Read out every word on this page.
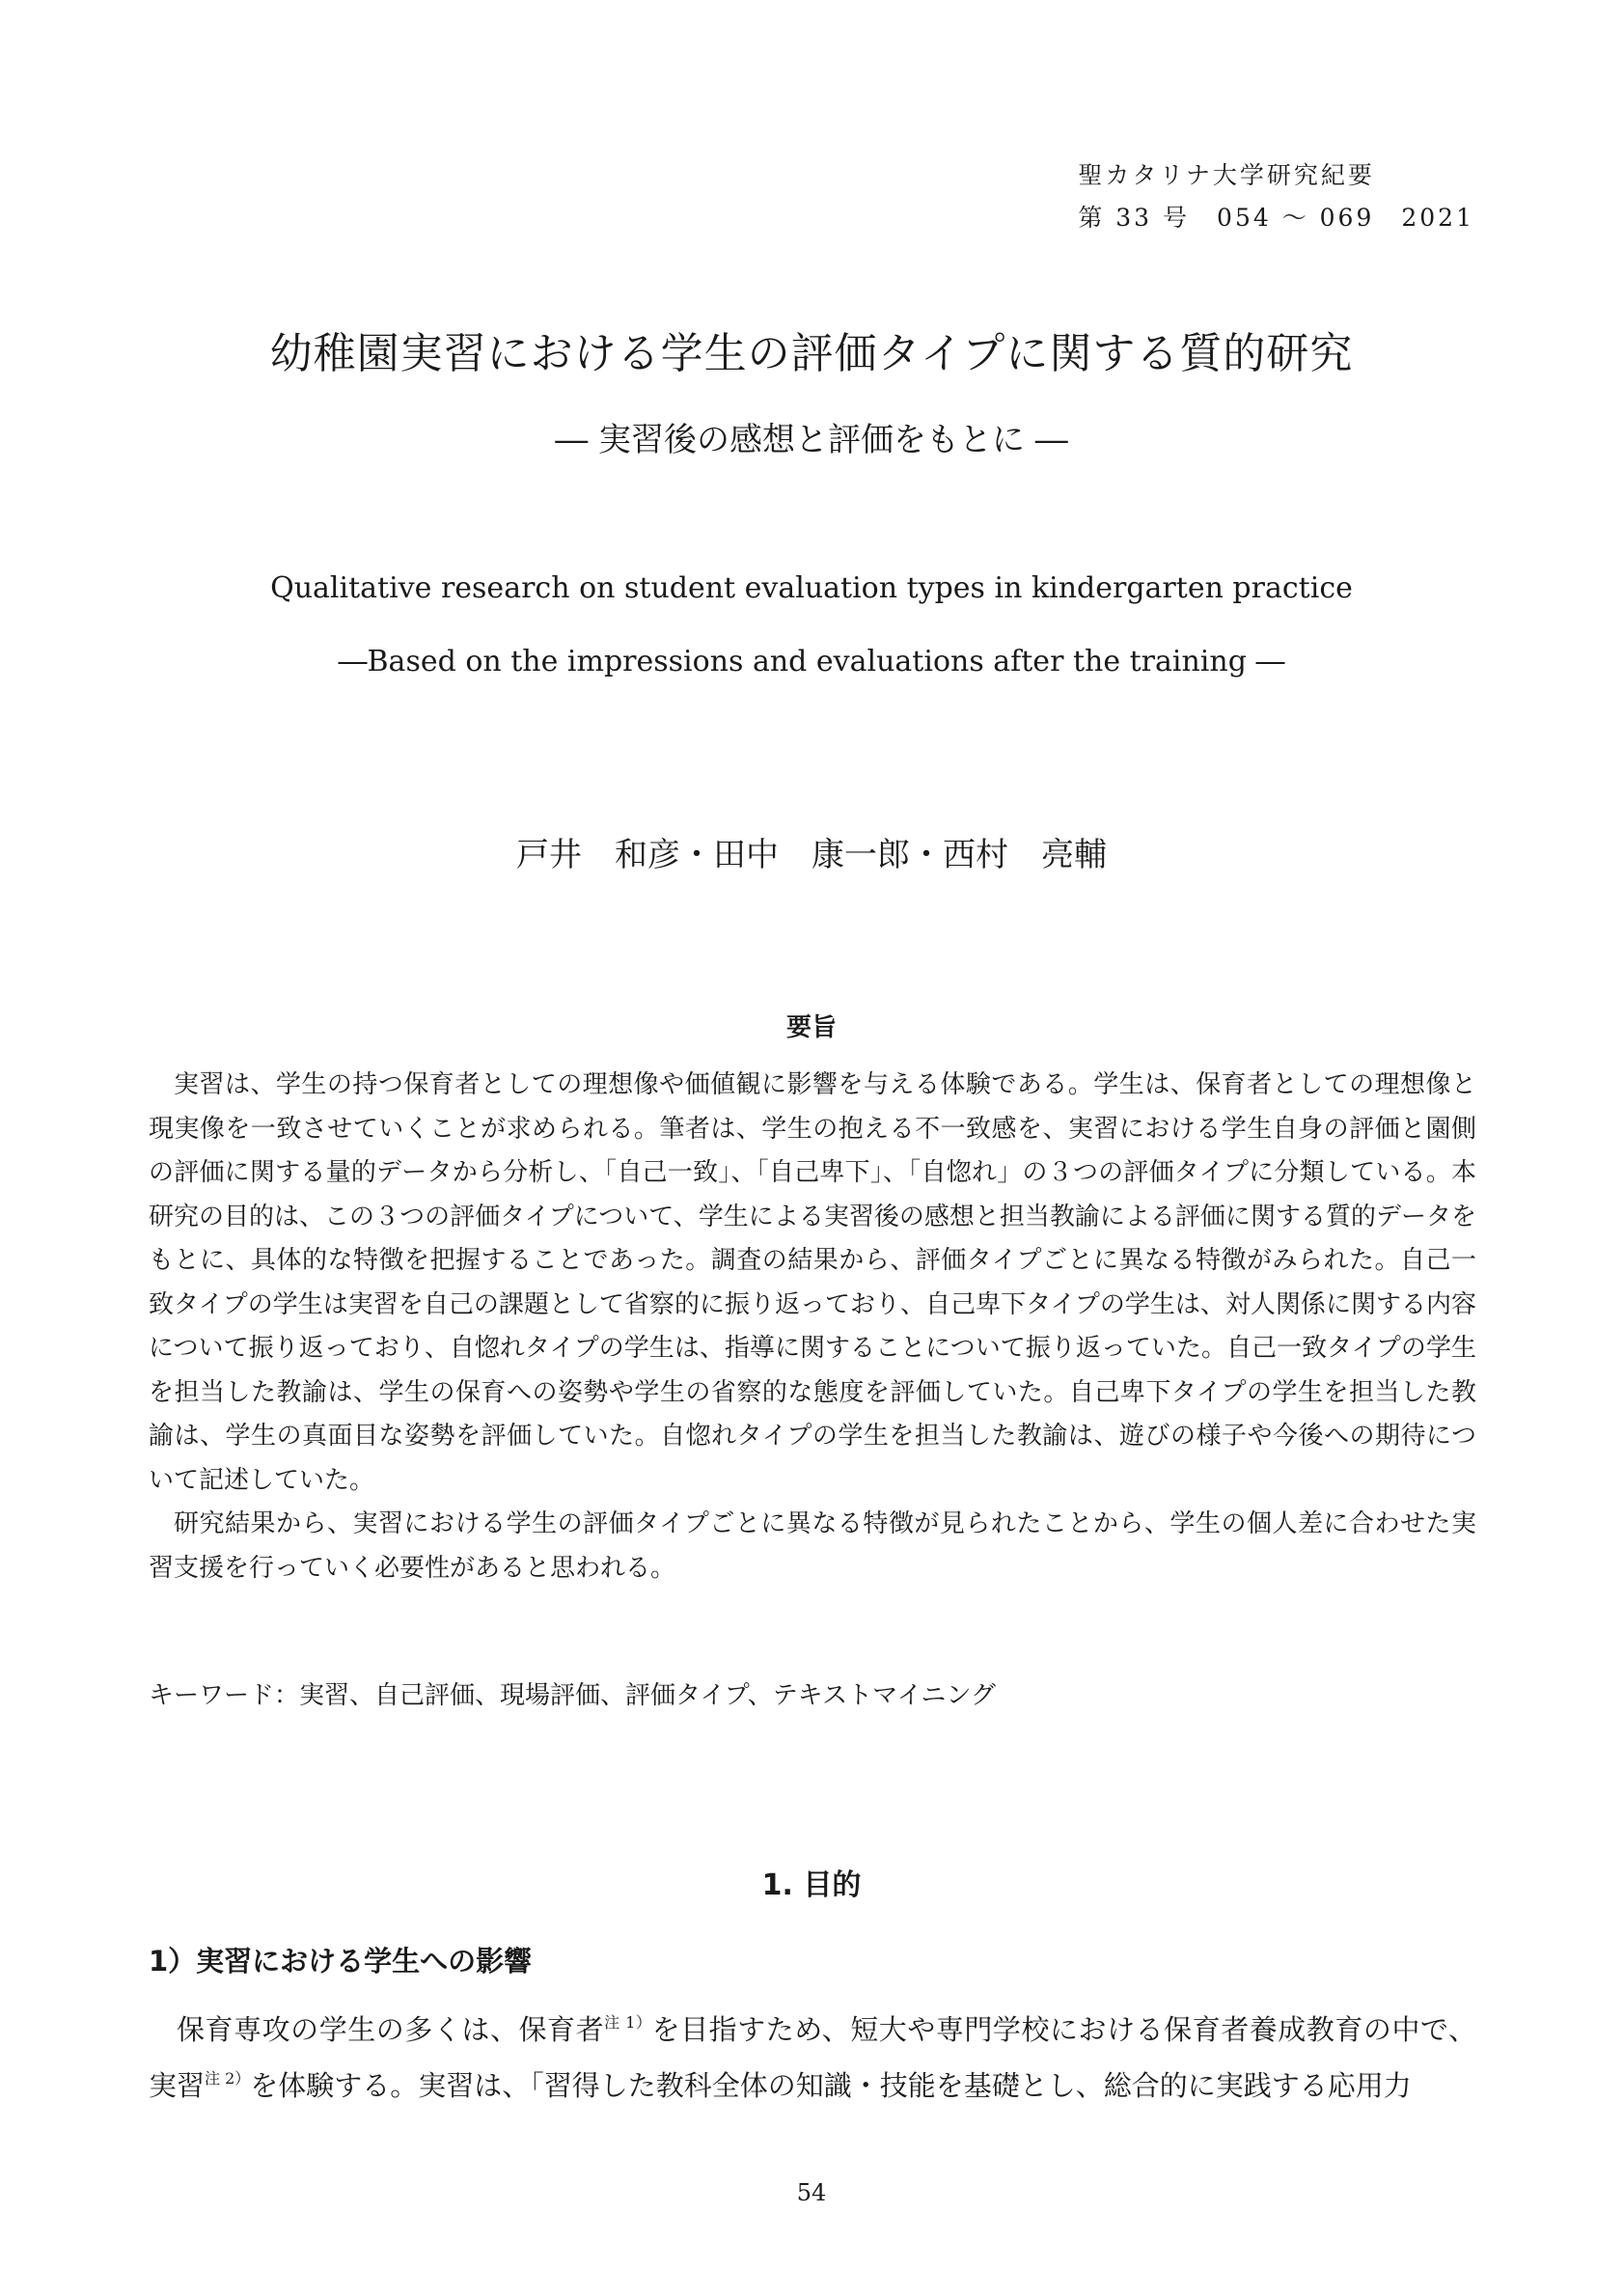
聖カタリナ大学研究紀要
第 33 号　054 ～ 069　2021
幼稚園実習における学生の評価タイプに関する質的研究
― 実習後の感想と評価をもとに ―
Qualitative research on student evaluation types in kindergarten practice
―Based on the impressions and evaluations after the training ―
戸井　和彦・田中　康一郎・西村　亮輔
要旨

実習は、学生の持つ保育者としての理想像や価値観に影響を与える体験である。学生は、保育者としての理想像と現実像を一致させていくことが求められる。筆者は、学生の抱える不一致感を、実習における学生自身の評価と園側の評価に関する量的データから分析し、「自己一致」、「自己卑下」、「自惚れ」の３つの評価タイプに分類している。本研究の目的は、この３つの評価タイプについて、学生による実習後の感想と担当教諭による評価に関する質的データをもとに、具体的な特徴を把握することであった。調査の結果から、評価タイプごとに異なる特徴がみられた。自己一致タイプの学生は実習を自己の課題として省察的に振り返っており、自己卑下タイプの学生は、対人関係に関する内容について振り返っており、自惚れタイプの学生は、指導に関することについて振り返っていた。自己一致タイプの学生を担当した教諭は、学生の保育への姿勢や学生の省察的な態度を評価していた。自己卑下タイプの学生を担当した教諭は、学生の真面目な姿勢を評価していた。自惚れタイプの学生を担当した教諭は、遊びの様子や今後への期待について記述していた。

研究結果から、実習における学生の評価タイプごとに異なる特徴が見られたことから、学生の個人差に合わせた実習支援を行っていく必要性があると思われる。

キーワード：実習、自己評価、現場評価、評価タイプ、テキストマイニング
1. 目的
1）実習における学生への影響

保育専攻の学生の多くは、保育者$^{注 1)}$を目指すため、短大や専門学校における保育者養成教育の中で、実習$^{注 2)}$を体験する。実習は、「習得した教科全体の知識・技能を基礎とし、総合的に実践する応用力

54
